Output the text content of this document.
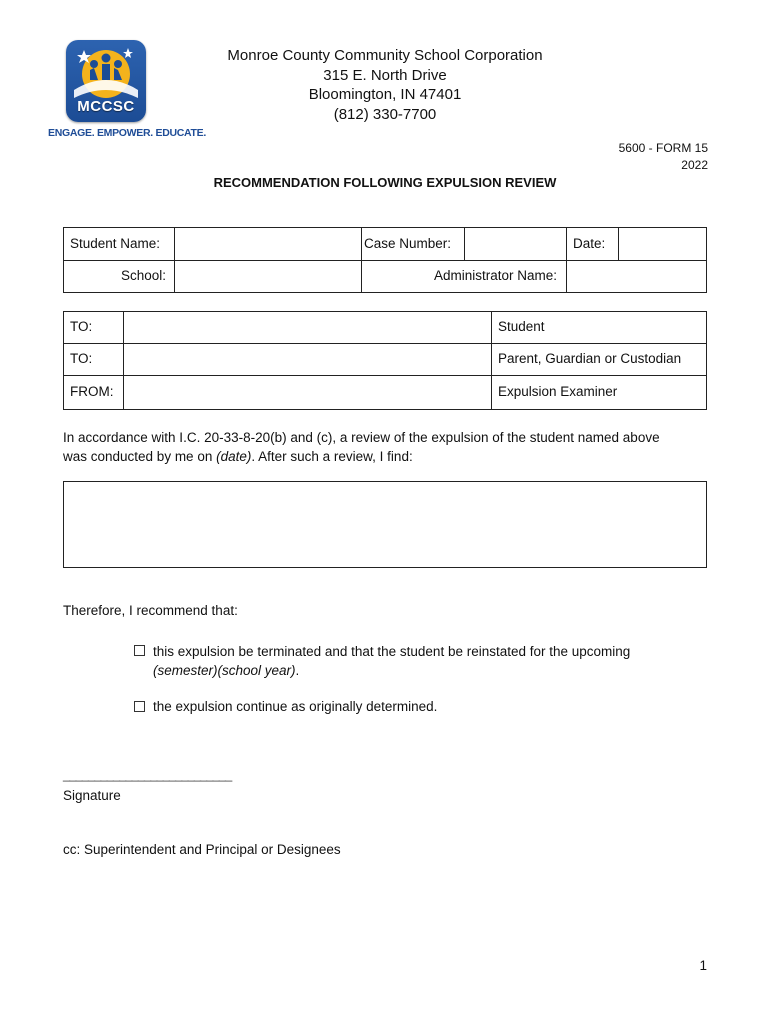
MCCSC
ENGAGE. EMPOWER. EDUCATE.
Monroe County Community School Corporation
315 E. North Drive
Bloomington, IN 47401
(812) 330-7700
5600 - FORM 15
2022
RECOMMENDATION FOLLOWING EXPULSION REVIEW
Student Name:	Case Number:	Date:
School:	Administrator Name:
TO:	Student
TO:	Parent, Guardian or Custodian
FROM:	Expulsion Examiner
In accordance with I.C. 20-33-8-20(b) and (c), a review of the expulsion of the student named above
was conducted by me on (date). After such a review, I find:
Therefore, I recommend that:
this expulsion be terminated and that the student be reinstated for the upcoming
(semester)(school year).
the expulsion continue as originally determined.
___________________________
Signature
cc: Superintendent and Principal or Designees
1
